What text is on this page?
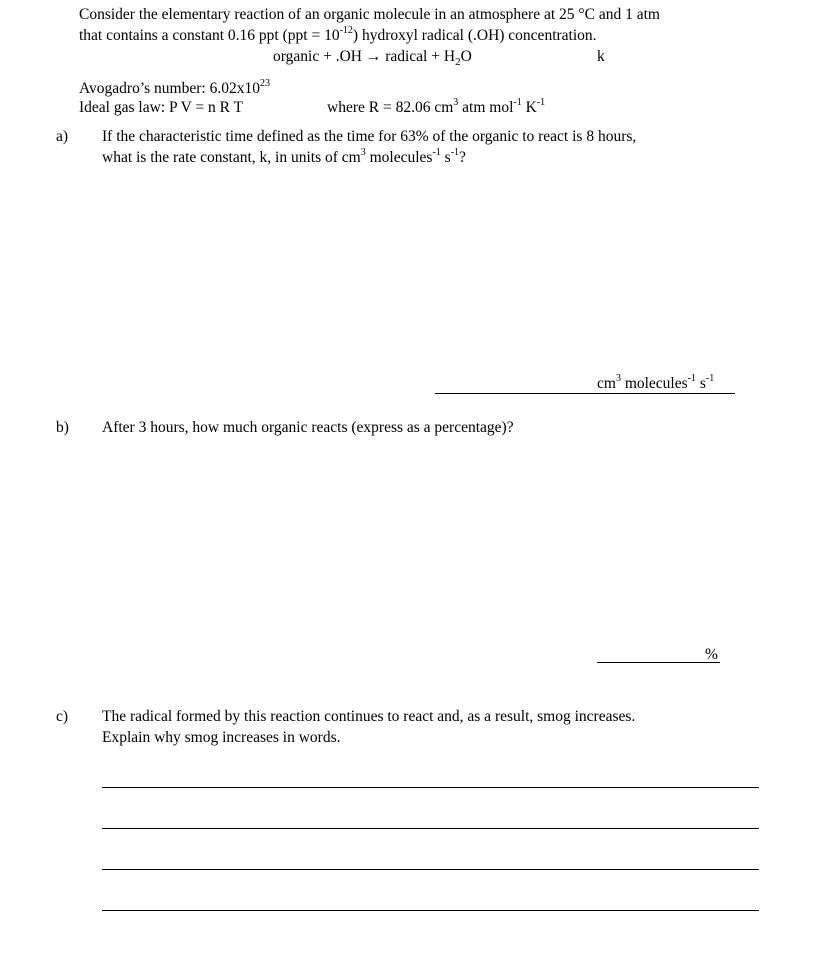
Consider the elementary reaction of an organic molecule in an atmosphere at 25 °C and 1 atm
that contains a constant 0.16 ppt $(ppt = 10^{-12})$ hydroxyl radical (.OH) concentration.
organic + .OH → radical + $H_2O$	k
Avogadro’s number: $6.02x10^{23}$
Ideal gas law: P V = n R T	where R = 82.06 $cm^3$ atm mol$^{-1}$ $K^{-1}$
a) If the characteristic time defined as the time for 63% of the organic to react is 8 hours,
what is the rate constant, k, in units of $cm^3$ molecules$^{-1}$ $s^{-1}$?
$cm^3$ molecules$^{-1}$ $s^{-1}$
b) After 3 hours, how much organic reacts (express as a percentage)?
%
c) The radical formed by this reaction continues to react and, as a result, smog increases.
Explain why smog increases in words.
